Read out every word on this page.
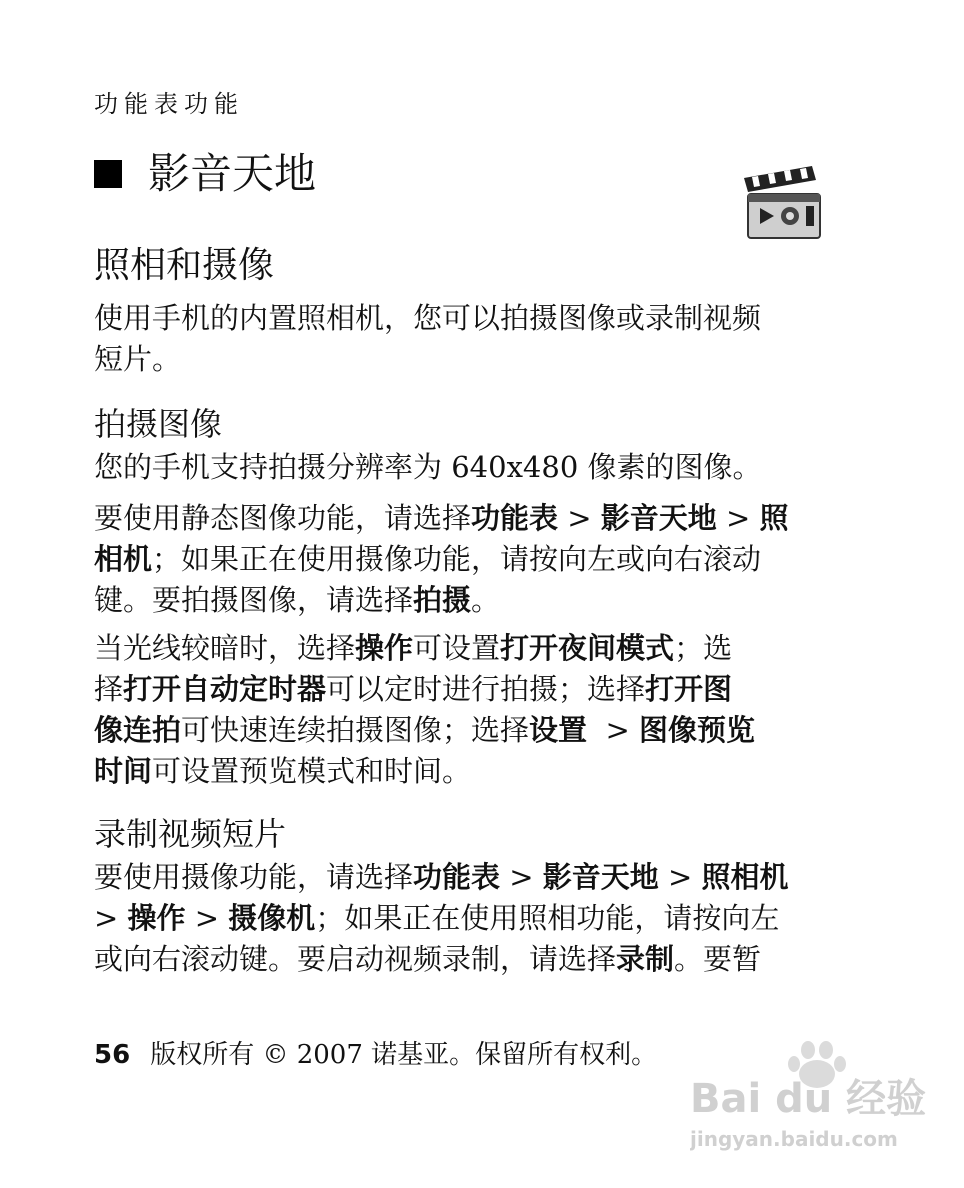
功能表功能
影音天地
照相和摄像
使用手机的内置照相机，您可以拍摄图像或录制视频
短片。
拍摄图像
您的手机支持拍摄分辨率为 640x480 像素的图像。
要使用静态图像功能，请选择功能表 > 影音天地 > 照
相机；如果正在使用摄像功能，请按向左或向右滚动
键。要拍摄图像，请选择拍摄。
当光线较暗时，选择操作可设置打开夜间模式；选
择打开自动定时器可以定时进行拍摄；选择打开图
像连拍可快速连续拍摄图像；选择设置  > 图像预览
时间可设置预览模式和时间。
录制视频短片
要使用摄像功能，请选择功能表 > 影音天地 > 照相机
> 操作 > 摄像机；如果正在使用照相功能，请按向左
或向右滚动键。要启动视频录制，请选择录制。要暂
56 版权所有 © 2007 诺基亚。保留所有权利。
Bai du 经验
jingyan.baidu.com
